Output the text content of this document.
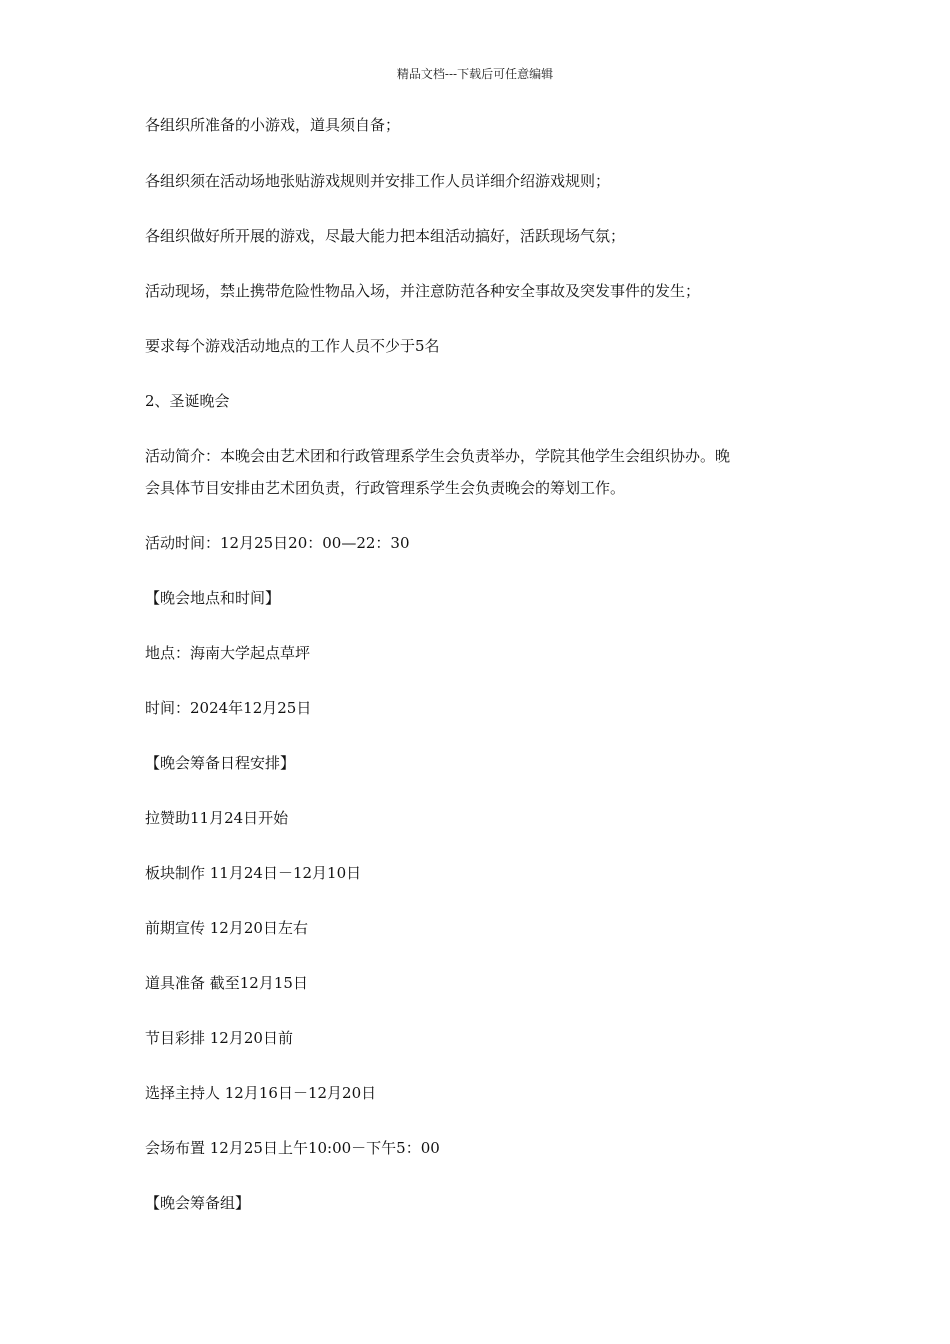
精品文档---下载后可任意编辑
各组织所准备的小游戏，道具须自备；
各组织须在活动场地张贴游戏规则并安排工作人员详细介绍游戏规则；
各组织做好所开展的游戏，尽最大能力把本组活动搞好，活跃现场气氛；
活动现场，禁止携带危险性物品入场，并注意防范各种安全事故及突发事件的发生；
要求每个游戏活动地点的工作人员不少于5名
2、圣诞晚会
活动简介：本晚会由艺术团和行政管理系学生会负责举办，学院其他学生会组织协办。晚
会具体节目安排由艺术团负责，行政管理系学生会负责晚会的筹划工作。
活动时间：12月25日20：00—22：30
【晚会地点和时间】
地点：海南大学起点草坪
时间：2024年12月25日
【晚会筹备日程安排】
拉赞助11月24日开始
板块制作 11月24日－12月10日
前期宣传 12月20日左右
道具准备 截至12月15日
节目彩排 12月20日前
选择主持人 12月16日－12月20日
会场布置 12月25日上午10:00－下午5：00
【晚会筹备组】
